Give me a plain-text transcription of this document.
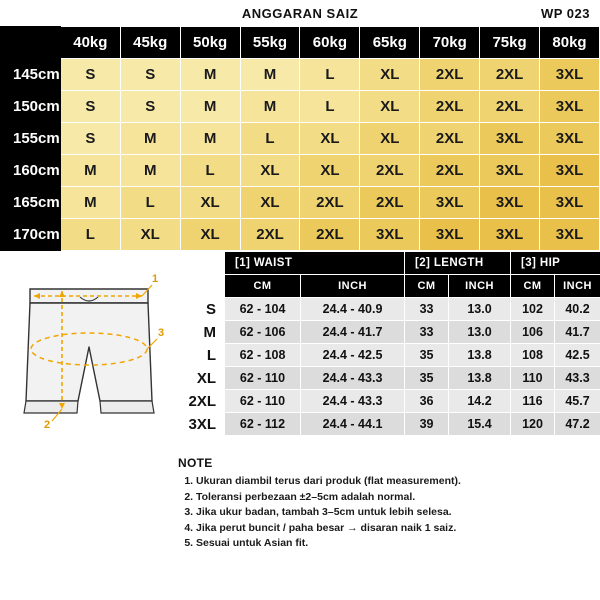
ANGGARAN SAIZ	WP 023
	40kg	45kg	50kg	55kg	60kg	65kg	70kg	75kg	80kg
145cm	S	S	M	M	L	XL	2XL	2XL	3XL
150cm	S	S	M	M	L	XL	2XL	2XL	3XL
155cm	S	M	M	L	XL	XL	2XL	3XL	3XL
160cm	M	M	L	XL	XL	2XL	2XL	3XL	3XL
165cm	M	L	XL	XL	2XL	2XL	3XL	3XL	3XL
170cm	L	XL	XL	2XL	2XL	3XL	3XL	3XL	3XL
1
2
3
	[1] WAIST		[2] LENGTH		[3] HIP	
	CM	INCH	CM	INCH	CM	INCH
S	62 - 104	24.4 - 40.9	33	13.0	102	40.2
M	62 - 106	24.4 - 41.7	33	13.0	106	41.7
L	62 - 108	24.4 - 42.5	35	13.8	108	42.5
XL	62 - 110	24.4 - 43.3	35	13.8	110	43.3
2XL	62 - 110	24.4 - 43.3	36	14.2	116	45.7
3XL	62 - 112	24.4 - 44.1	39	15.4	120	47.2
NOTE
1. Ukuran diambil terus dari produk (flat measurement).
2. Toleransi perbezaan ±2–5cm adalah normal.
3. Jika ukur badan, tambah 3–5cm untuk lebih selesa.
4. Jika perut buncit / paha besar → disaran naik 1 saiz.
5. Sesuai untuk Asian fit.
